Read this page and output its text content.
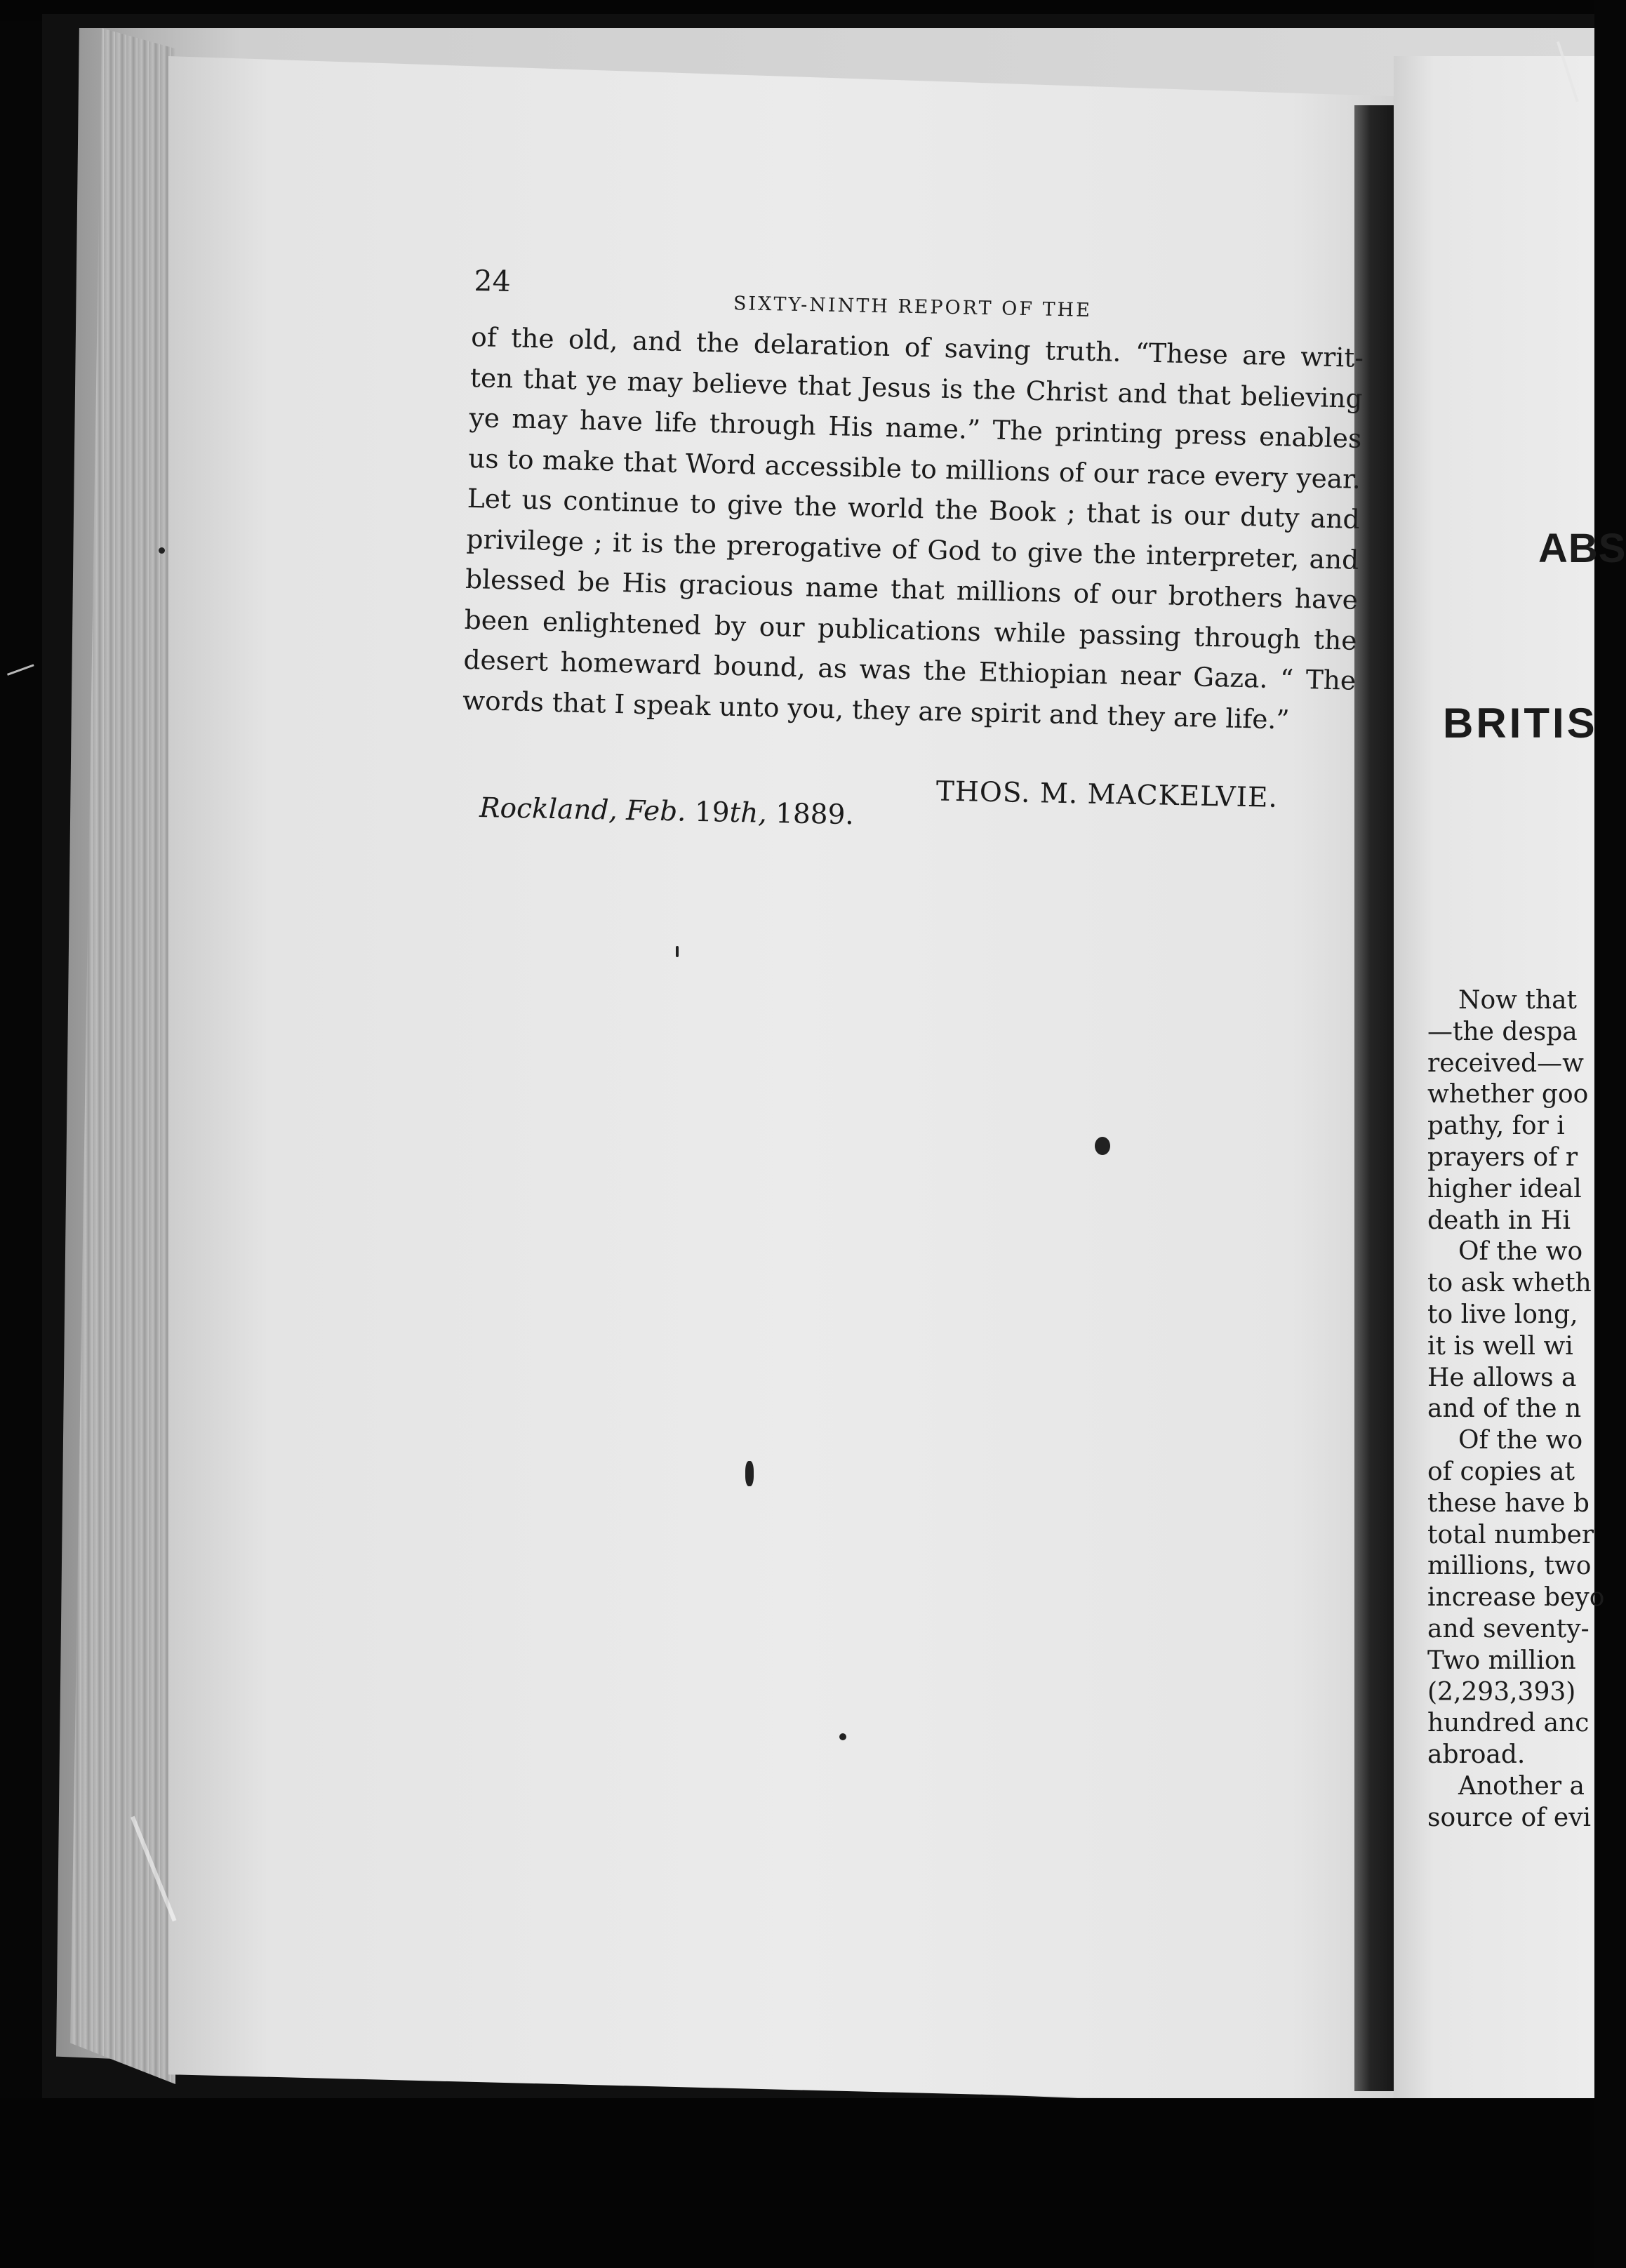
24
SIXTY-NINTH REPORT OF THE
of the old, and the delaration of saving truth. “These are writ-
ten that ye may believe that Jesus is the Christ and that believing
ye may have life through His name.” The printing press enables
us to make that Word accessible to millions of our race every year.
Let us continue to give the world the Book ; that is our duty and
privilege ; it is the prerogative of God to give the interpreter, and
blessed be His gracious name that millions of our brothers have
been enlightened by our publications while passing through the
desert homeward bound, as was the Ethiopian near Gaza. “ The
words that I speak unto you, they are spirit and they are life.”
Rockland, Feb. 19th, 1889.
THOS. M. MACKELVIE.
ABS
BRITIS
Now that
—the despa
received—w
whether goo
pathy, for i
prayers of r
higher ideal
death in Hi
Of the wo
to ask wheth
to live long,
it is well wi
He allows a
and of the n
Of the wo
of copies at
these have b
total number
millions, two
increase beyo
and seventy-
Two million
(2,293,393)
hundred anc
abroad.
Another a
source of evi
